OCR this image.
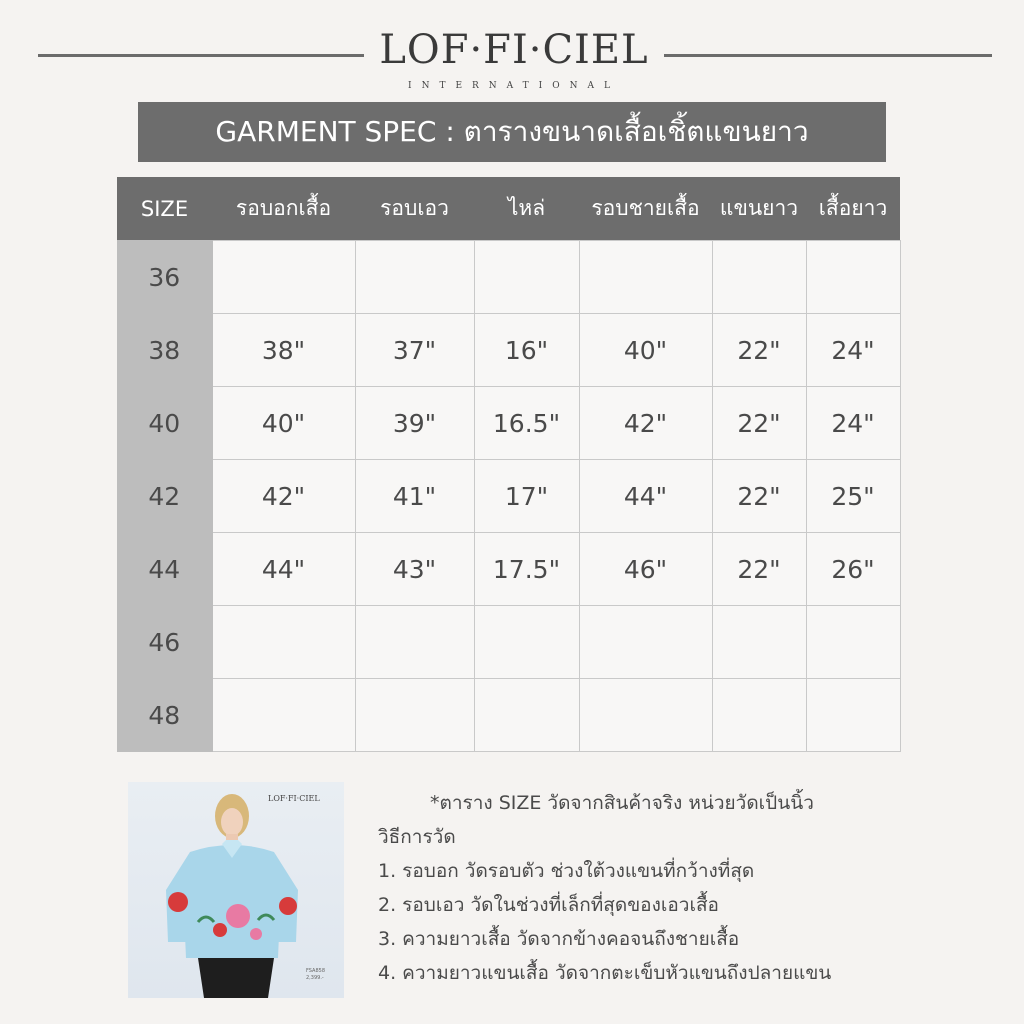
LOF·FI·CIEL
INTERNATIONAL
GARMENT SPEC : ตารางขนาดเสื้อเชิ้ตแขนยาว
SIZE	รอบอกเสื้อ	รอบเอว	ไหล่	รอบชายเสื้อ	แขนยาว	เสื้อยาว
36						
38	38"	37"	16"	40"	22"	24"
40	40"	39"	16.5"	42"	22"	24"
42	42"	41"	17"	44"	22"	25"
44	44"	43"	17.5"	46"	22"	26"
46						
48						
LOF·FI·CIEL
FSA858
2,399.-
*ตาราง SIZE วัดจากสินค้าจริง หน่วยวัดเป็นนิ้ว
วิธีการวัด
1. รอบอก วัดรอบตัว ช่วงใต้วงแขนที่กว้างที่สุด
2. รอบเอว วัดในช่วงที่เล็กที่สุดของเอวเสื้อ
3. ความยาวเสื้อ วัดจากข้างคอจนถึงชายเสื้อ
4. ความยาวแขนเสื้อ วัดจากตะเข็บหัวแขนถึงปลายแขน
